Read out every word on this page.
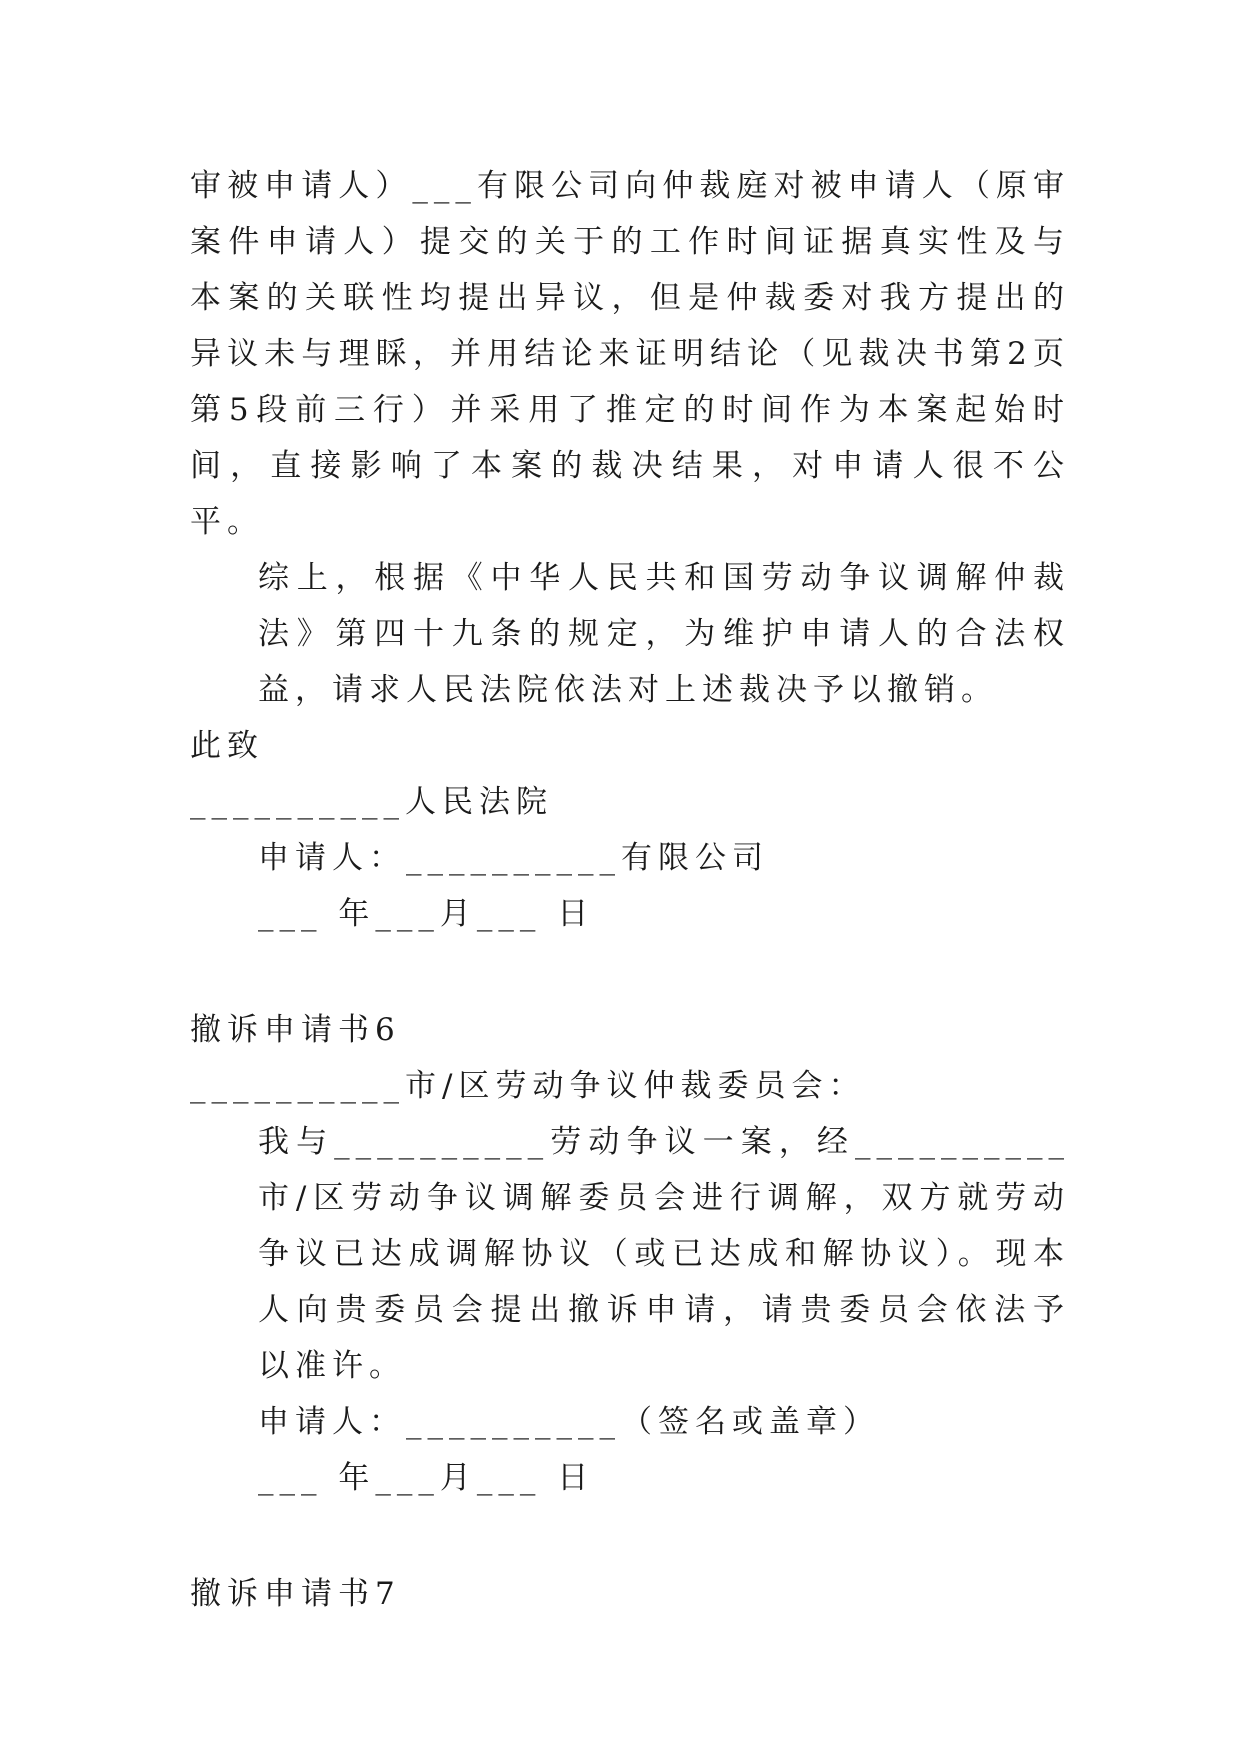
审被申请人）___有限公司向仲裁庭对被申请人（原审案件申请人）提交的关于的工作时间证据真实性及与本案的关联性均提出异议，但是仲裁委对我方提出的异议未与理睬，并用结论来证明结论（见裁决书第2页第5段前三行）并采用了推定的时间作为本案起始时间，直接影响了本案的裁决结果，对申请人很不公平。
综上，根据《中华人民共和国劳动争议调解仲裁法》第四十九条的规定，为维护申请人的合法权益，请求人民法院依法对上述裁决予以撤销。
此致
__________人民法院
申请人：__________有限公司
___ 年___月___ 日
撤诉申请书6
__________市/区劳动争议仲裁委员会：
我与__________劳动争议一案，经__________市/区劳动争议调解委员会进行调解，双方就劳动争议已达成调解协议（或已达成和解协议）。现本人向贵委员会提出撤诉申请，请贵委员会依法予以准许。
申请人：__________（签名或盖章）
___ 年___月___ 日
撤诉申请书7
